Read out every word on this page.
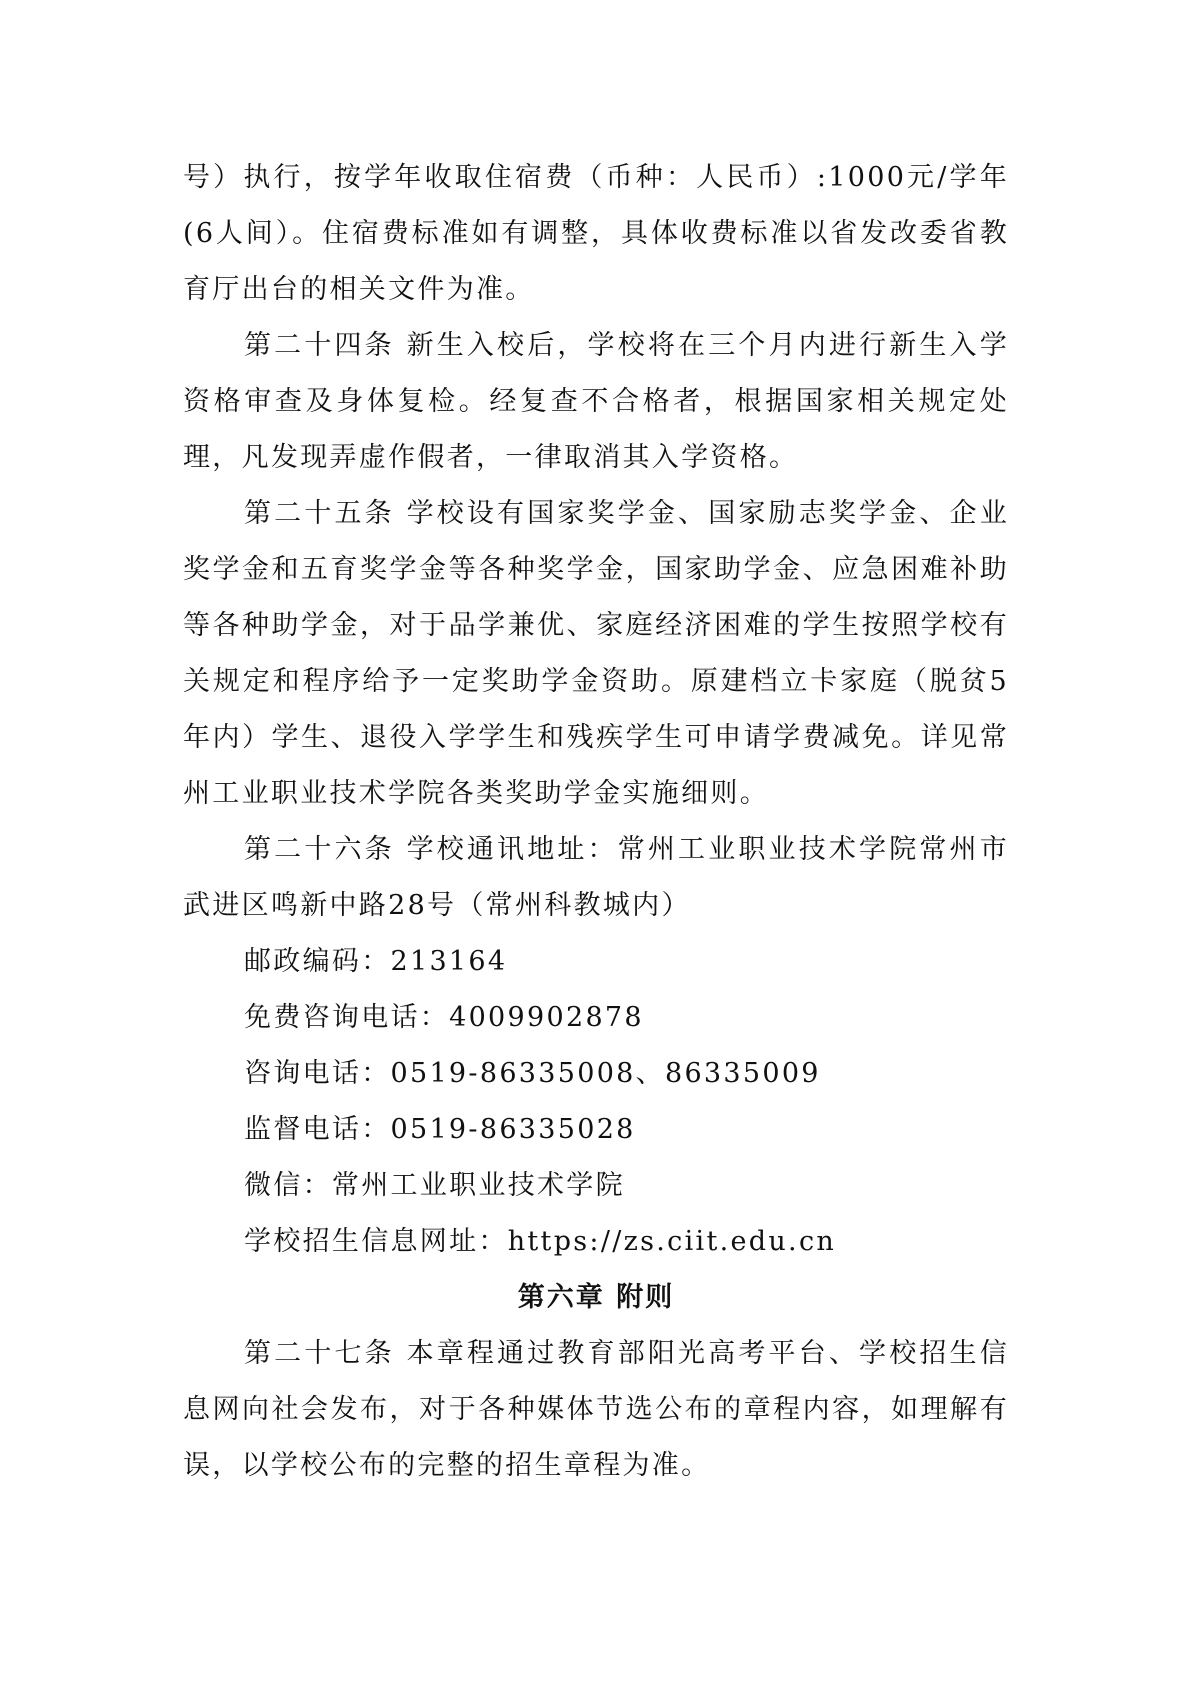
号）执行，按学年收取住宿费（币种：人民币）:1000元/学年(6人间）。住宿费标准如有调整，具体收费标准以省发改委省教育厅出台的相关文件为准。

第二十四条 新生入校后，学校将在三个月内进行新生入学资格审查及身体复检。经复查不合格者，根据国家相关规定处理，凡发现弄虚作假者，一律取消其入学资格。

第二十五条 学校设有国家奖学金、国家励志奖学金、企业奖学金和五育奖学金等各种奖学金，国家助学金、应急困难补助等各种助学金，对于品学兼优、家庭经济困难的学生按照学校有关规定和程序给予一定奖助学金资助。原建档立卡家庭（脱贫5年内）学生、退役入学学生和残疾学生可申请学费减免。详见常州工业职业技术学院各类奖助学金实施细则。

第二十六条 学校通讯地址：常州工业职业技术学院常州市武进区鸣新中路28号（常州科教城内）

邮政编码：213164

免费咨询电话：4009902878

咨询电话：0519-86335008、86335009

监督电话：0519-86335028

微信：常州工业职业技术学院

学校招生信息网址：https://zs.ciit.edu.cn

第六章 附则

第二十七条 本章程通过教育部阳光高考平台、学校招生信息网向社会发布，对于各种媒体节选公布的章程内容，如理解有误，以学校公布的完整的招生章程为准。
